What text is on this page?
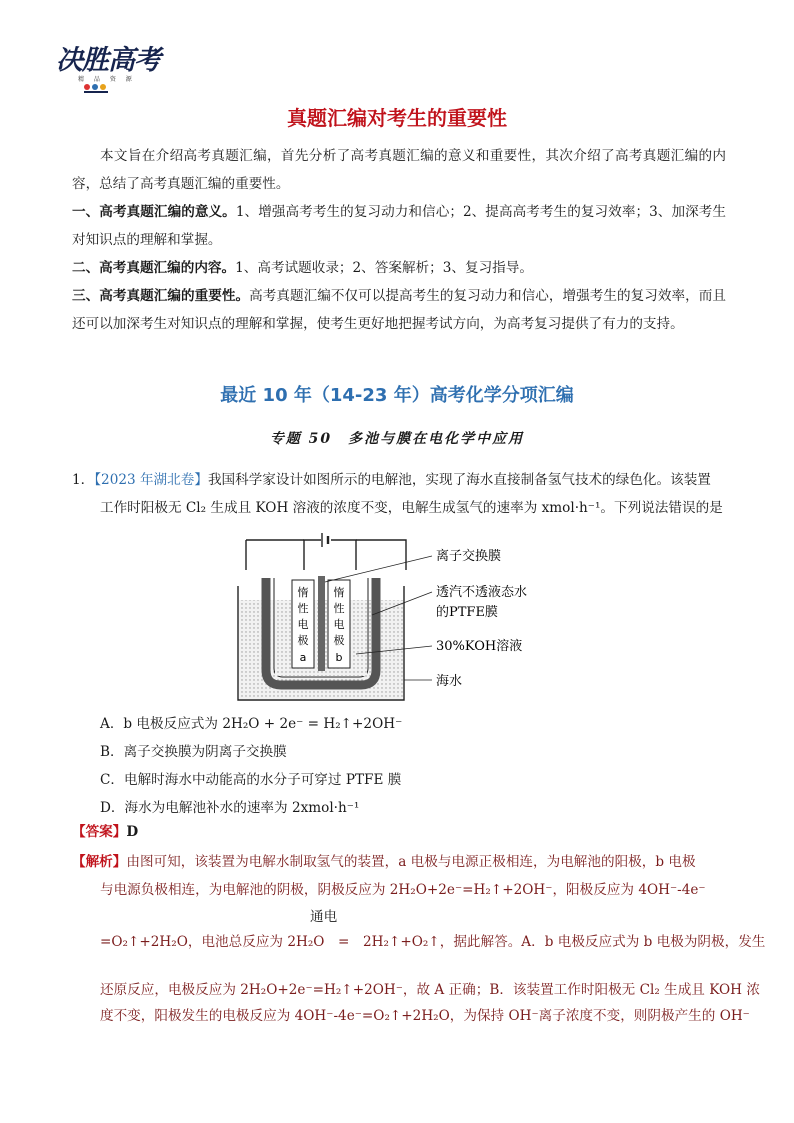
决胜高考
精 品 资 源
真题汇编对考生的重要性
本文旨在介绍高考真题汇编，首先分析了高考真题汇编的意义和重要性，其次介绍了高考真题汇编的内容，总结了高考真题汇编的重要性。
一、高考真题汇编的意义。1、增强高考考生的复习动力和信心；2、提高高考考生的复习效率；3、加深考生对知识点的理解和掌握。
二、高考真题汇编的内容。1、高考试题收录；2、答案解析；3、复习指导。
三、高考真题汇编的重要性。高考真题汇编不仅可以提高考生的复习动力和信心，增强考生的复习效率，而且还可以加深考生对知识点的理解和掌握，使考生更好地把握考试方向，为高考复习提供了有力的支持。
最近 10 年（14-23 年）高考化学分项汇编
专题 50　多池与膜在电化学中应用
1．【2023 年湖北卷】我国科学家设计如图所示的电解池，实现了海水直接制备氢气技术的绿色化。该装置
工作时阳极无 Cl₂ 生成且 KOH 溶液的浓度不变，电解生成氢气的速率为 xmol·h⁻¹。下列说法错误的是
惰
性
电
极
a
惰
性
电
极
b
离子交换膜
透汽不透液态水
的PTFE膜
30%KOH溶液
海水
A．b 电极反应式为 2H₂O + 2e⁻ = H₂↑+2OH⁻
B．离子交换膜为阴离子交换膜
C．电解时海水中动能高的水分子可穿过 PTFE 膜
D．海水为电解池补水的速率为 2xmol·h⁻¹
【答案】D
【解析】由图可知，该装置为电解水制取氢气的装置，a 电极与电源正极相连，为电解池的阳极，b 电极
与电源负极相连，为电解池的阴极，阴极反应为 2H₂O+2e⁻=H₂↑+2OH⁻，阳极反应为 4OH⁻-4e⁻
通电
=O₂↑+2H₂O，电池总反应为 2H₂O　=　2H₂↑+O₂↑，据此解答。A．b 电极反应式为 b 电极为阴极，发生
还原反应，电极反应为 2H₂O+2e⁻=H₂↑+2OH⁻，故 A 正确；B．该装置工作时阳极无 Cl₂ 生成且 KOH 浓
度不变，阳极发生的电极反应为 4OH⁻-4e⁻=O₂↑+2H₂O，为保持 OH⁻离子浓度不变，则阴极产生的 OH⁻
